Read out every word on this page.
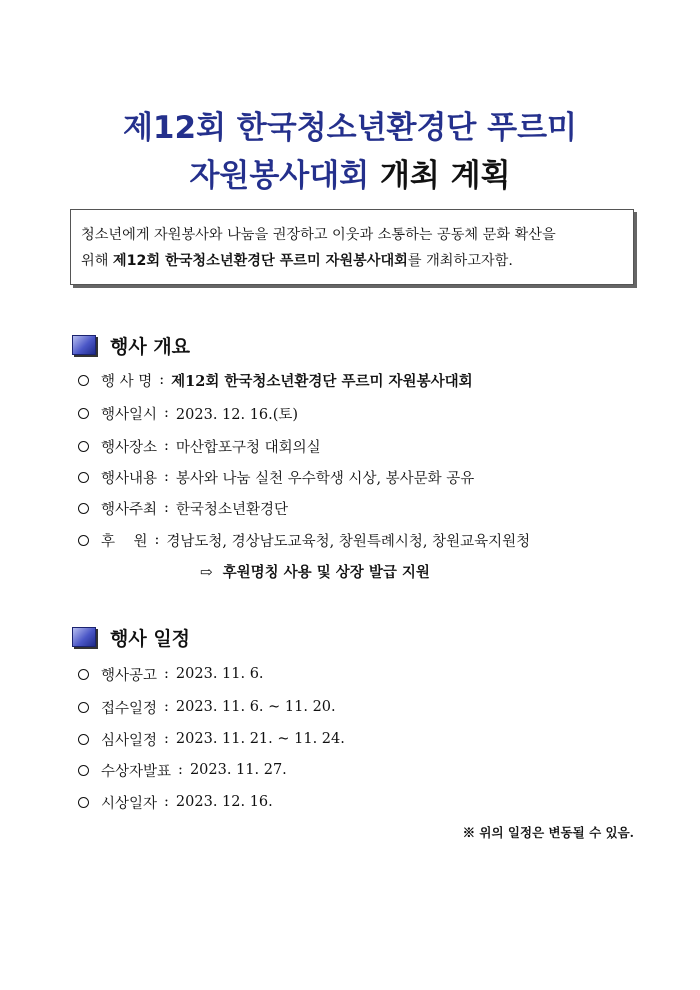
제12회 한국청소년환경단 푸르미
자원봉사대회 개최 계획
청소년에게 자원봉사와 나눔을 권장하고 이웃과 소통하는 공동체 문화 확산을
위해 제12회 한국청소년환경단 푸르미 자원봉사대회를 개최하고자함.
행사 개요
행 사 명 : 제12회 한국청소년환경단 푸르미 자원봉사대회
행사일시 : 2023. 12. 16.(토)
행사장소 : 마산합포구청 대회의실
행사내용 : 봉사와 나눔 실천 우수학생 시상, 봉사문화 공유
행사주최 : 한국청소년환경단
후    원 : 경남도청, 경상남도교육청, 창원특례시청, 창원교육지원청
⇨ 후원명칭 사용 및 상장 발급 지원
행사 일정
행사공고 : 2023. 11. 6.
접수일정 : 2023. 11. 6. ~ 11. 20.
심사일정 : 2023. 11. 21. ~ 11. 24.
수상자발표 : 2023. 11. 27.
시상일자 : 2023. 12. 16.
※ 위의 일정은 변동될 수 있음.
